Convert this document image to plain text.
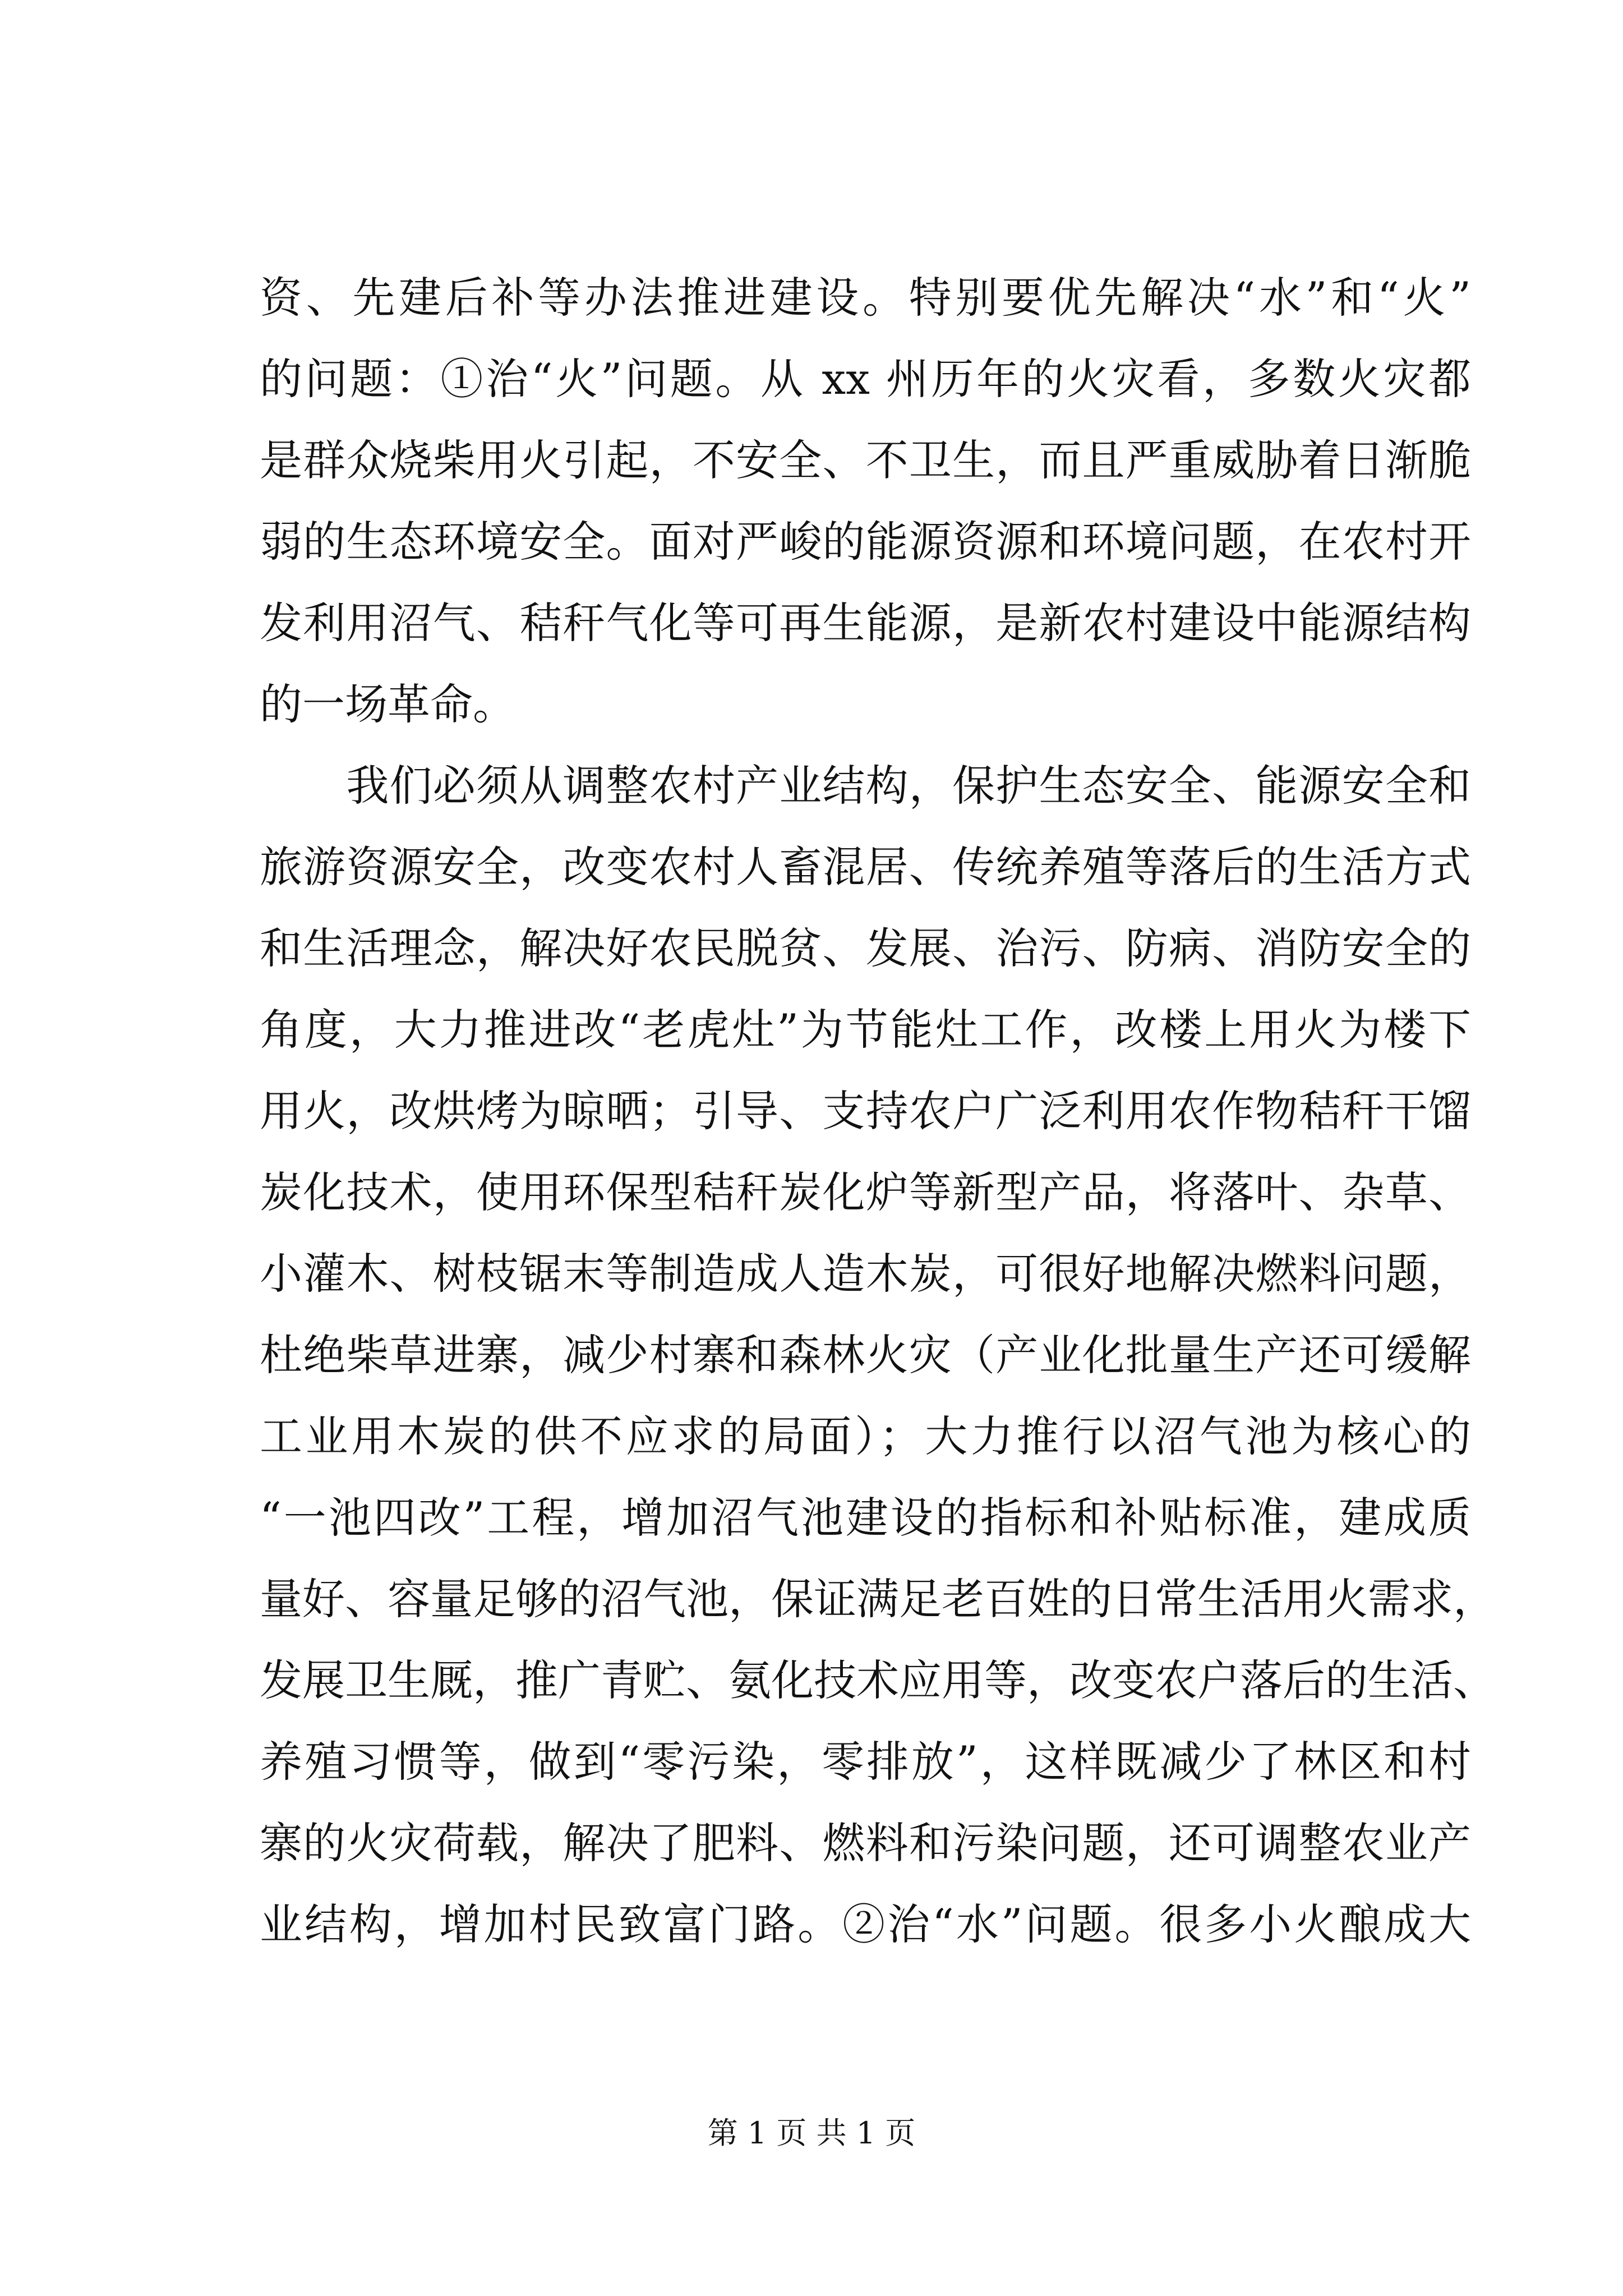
资、先建后补等办法推进建设。特别要优先解决“水”和“火”
的问题：①治“火”问题。从 xx 州历年的火灾看，多数火灾都
是群众烧柴用火引起，不安全、不卫生，而且严重威胁着日渐脆
弱的生态环境安全。面对严峻的能源资源和环境问题，在农村开
发利用沼气、秸秆气化等可再生能源，是新农村建设中能源结构
的一场革命。
　　我们必须从调整农村产业结构，保护生态安全、能源安全和
旅游资源安全，改变农村人畜混居、传统养殖等落后的生活方式
和生活理念，解决好农民脱贫、发展、治污、防病、消防安全的
角度，大力推进改“老虎灶”为节能灶工作，改楼上用火为楼下
用火，改烘烤为晾晒；引导、支持农户广泛利用农作物秸秆干馏
炭化技术，使用环保型秸秆炭化炉等新型产品，将落叶、杂草、
小灌木、树枝锯末等制造成人造木炭，可很好地解决燃料问题，
杜绝柴草进寨，减少村寨和森林火灾（产业化批量生产还可缓解
工业用木炭的供不应求的局面）；大力推行以沼气池为核心的
“一池四改”工程，增加沼气池建设的指标和补贴标准，建成质
量好、容量足够的沼气池，保证满足老百姓的日常生活用火需求，
发展卫生厩，推广青贮、氨化技术应用等，改变农户落后的生活、
养殖习惯等，做到“零污染，零排放”，这样既减少了林区和村
寨的火灾荷载，解决了肥料、燃料和污染问题，还可调整农业产
业结构，增加村民致富门路。②治“水”问题。很多小火酿成大
第 1 页 共 1 页
